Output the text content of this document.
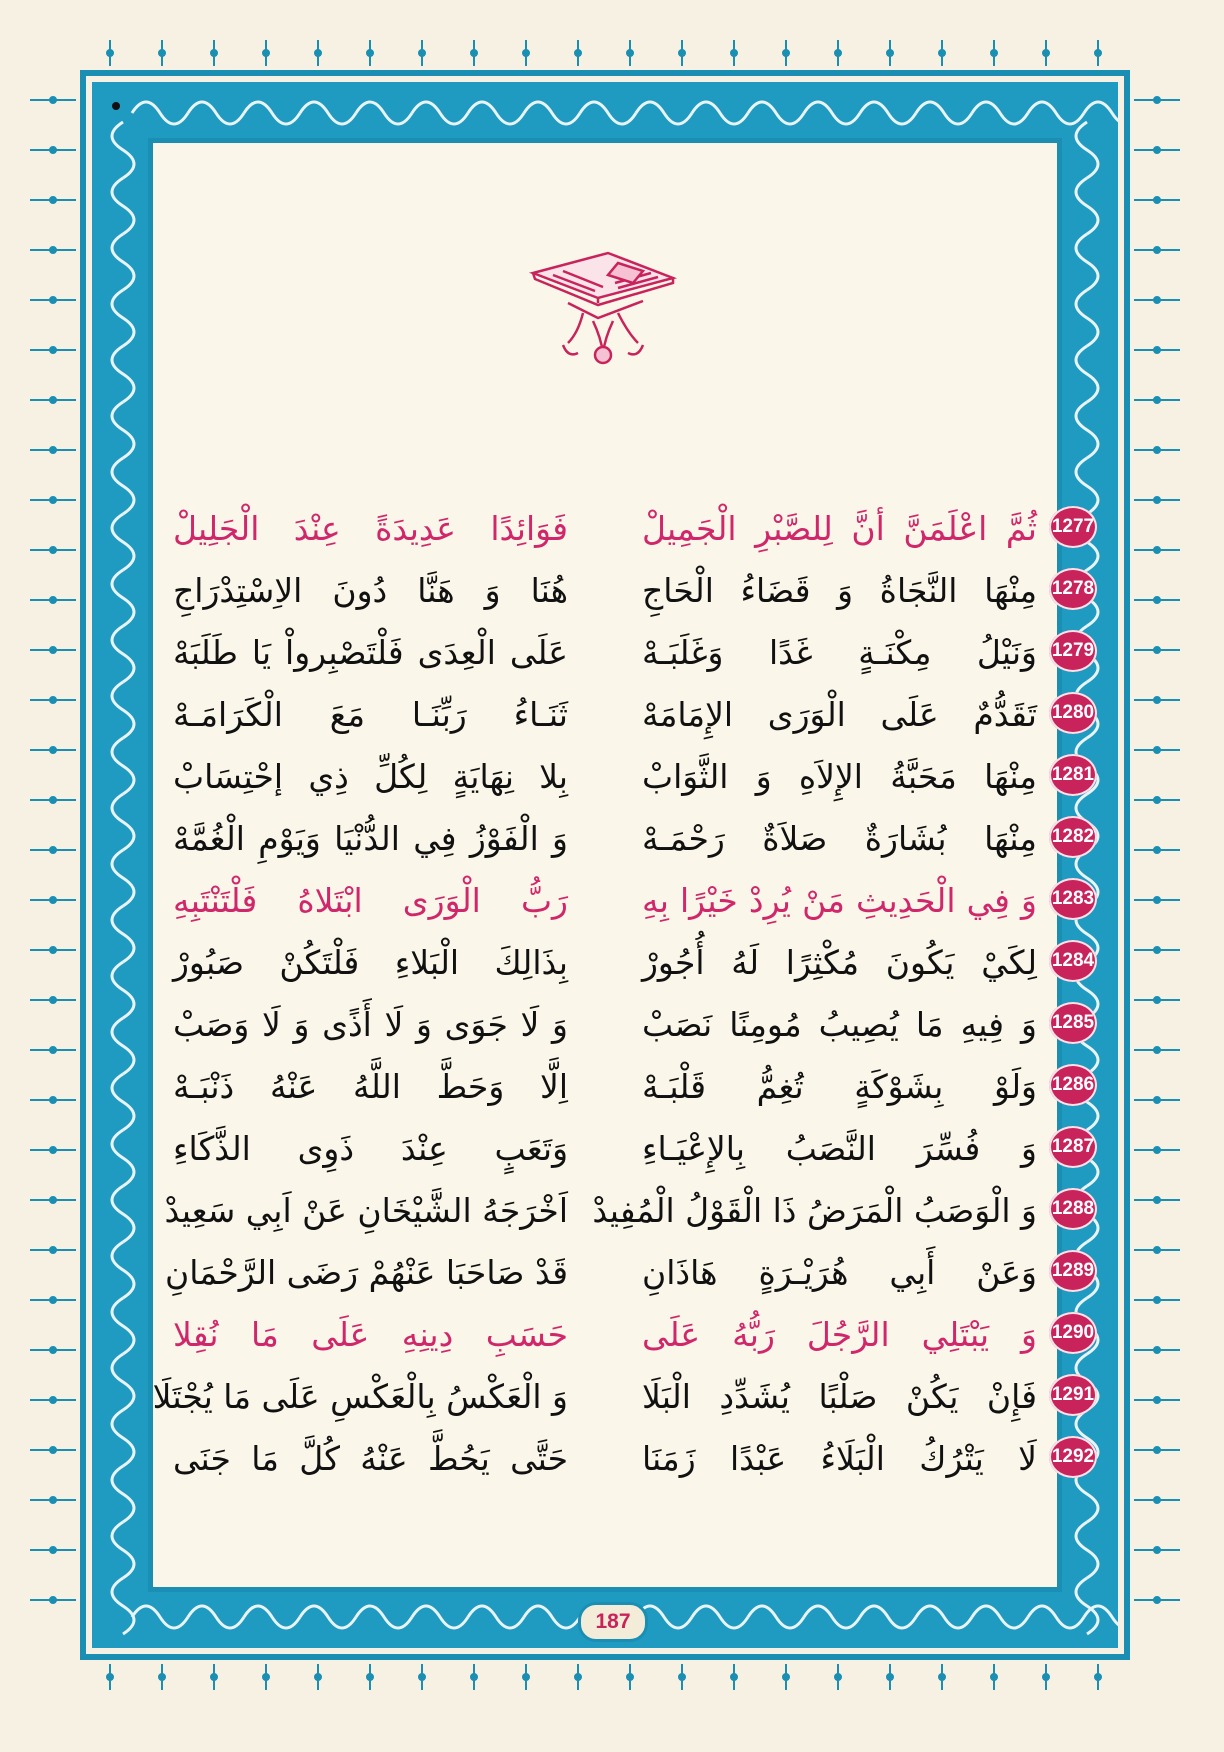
فَوَائِدًا عَدِيدَةً عِنْدَ الْجَلِيلْ ثُمَّ اعْلَمَنَّ أنَّ لِلصَّبْرِ الْجَمِيلْ 1277
هُنَا وَ هَنَّا دُونَ الاِسْتِدْرَاجِ مِنْهَا النَّجَاةُ وَ قَضَاءُ الْحَاجِ 1278
عَلَى الْعِدَى فَلْتَصْبِرواْ يَا طَلَبَهْ وَنَيْلُ مِكْنَـةٍ غَدًا وَغَلَبَـهْ 1279
ثَنَـاءُ رَبِّنَـا مَعَ الْكَرَامَـهْ تَقَدُّمٌ عَلَى الْوَرَى الإِمَامَهْ 1280
بِلا نِهَايَةٍ لِكُلِّ ذِي إحْتِسَابْ مِنْهَا مَحَبَّةُ الإِلاَهِ وَ الثَّوَابْ 1281
وَ الْفَوْزُ فِي الدُّنْيَا وَيَوْمِ الْغُمَّهْ مِنْهَا بُشَارَةٌ صَلاَةٌ رَحْمَـهْ 1282
رَبُّ الْوَرَى ابْتَلاهُ فَلْتَنْتَبِهِ وَ فِي الْحَدِيثِ مَنْ يُرِدْ خَيْرًا بِهِ 1283
بِذَالِكَ الْبَلاءِ فَلْتَكُنْ صَبُورْ لِكَيْ يَكُونَ مُكْثِرًا لَهُ أُجُورْ 1284
وَ لَا جَوَى وَ لَا أَذًى وَ لَا وَصَبْ وَ فِيهِ مَا يُصِيبُ مُومِنًا نَصَبْ 1285
اِلَّا وَحَطَّ اللَّهُ عَنْهُ ذَنْبَـهْ وَلَوْ بِشَوْكَةٍ تُغِمُّ قَلْبَـهْ 1286
وَتَعَبٍ عِنْدَ ذَوِى الذَّكَاءِ وَ فُسِّرَ النَّصَبُ بِالإِعْيَـاءِ 1287
اَخْرَجَهُ الشَّيْخَانِ عَنْ اَبِي سَعِيدْ وَ الْوَصَبُ الْمَرَضُ ذَا الْقَوْلُ الْمُفِيدْ 1288
قَدْ صَاحَبَا عَنْهُمْ رَضَى الرَّحْمَانِ وَعَنْ أَبِي هُرَيْـرَةٍ هَاذَانِ 1289
حَسَبِ دِينِهِ عَلَى مَا نُقِلا وَ يَبْتَلِي الرَّجُلَ رَبُّهُ عَلَى 1290
وَ الْعَكْسُ بِالْعَكْسِ عَلَى مَا يُجْتَلَا فَإِنْ يَكُنْ صَلْبًا يُشَدِّدِ الْبَلَا 1291
حَتَّى يَحُطَّ عَنْهُ كُلَّ مَا جَنَى لَا يَتْرُكُ الْبَلَاءُ عَبْدًا زَمَنَا 1292
187
